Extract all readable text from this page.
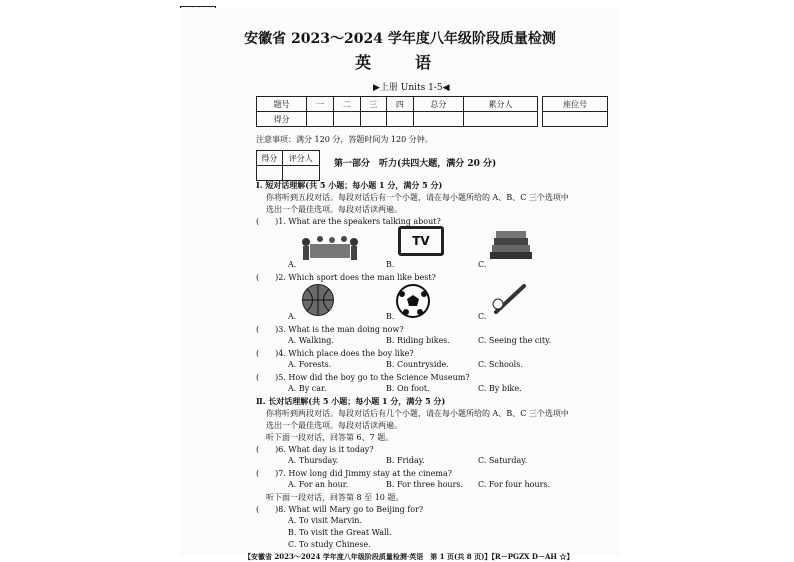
安徽省 2023～2024 学年度八年级阶段质量检测
英　语
▶上册 Units 1-5◀
题号	一	二	三	四	总分	累分人
得分						
座位号

注意事项：满分 120 分，答题时间为 120 分钟。
得分	评分人

第一部分　听力(共四大题，满分 20 分)
Ⅰ. 短对话理解(共 5 小题；每小题 1 分，满分 5 分)
你将听到五段对话。每段对话后有一个小题，请在每小题所给的 A、B、C 三个选项中
选出一个最佳选项。每段对话读两遍。
(　　)1. What are the speakers talking about?
A.	B.
TV
C.
(　　)2. Which sport does the man like best?
A.	B.	C.
(　　)3. What is the man doing now?
A. Walking.	B. Riding bikes.	C. Seeing the city.
(　　)4. Which place does the boy like?
A. Forests.	B. Countryside.	C. Schools.
(　　)5. How did the boy go to the Science Museum?
A. By car.	B. On foot.	C. By bike.
Ⅱ. 长对话理解(共 5 小题；每小题 1 分，满分 5 分)
你将听到两段对话。每段对话后有几个小题，请在每小题所给的 A、B、C 三个选项中
选出一个最佳选项。每段对话读两遍。
听下面一段对话，回答第 6、7 题。
(　　)6. What day is it today?
A. Thursday.	B. Friday.	C. Saturday.
(　　)7. How long did Jimmy stay at the cinema?
A. For an hour.	B. For three hours. C. For four hours.
听下面一段对话，回答第 8 至 10 题。
(　　)8. What will Mary go to Beijing for?
A. To visit Marvin.
B. To visit the Great Wall.
C. To study Chinese.
【安徽省 2023～2024 学年度八年级阶段质量检测·英语　第 1 页(共 8 页)】【R－PGZX D－AH ☆】
